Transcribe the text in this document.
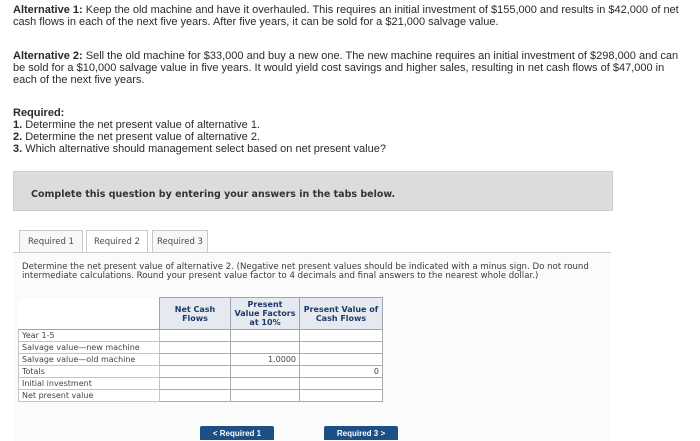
Alternative 1: Keep the old machine and have it overhauled. This requires an initial investment of $155,000 and results in $42,000 of net cash flows in each of the next five years. After five years, it can be sold for a $21,000 salvage value.
Alternative 2: Sell the old machine for $33,000 and buy a new one. The new machine requires an initial investment of $298,000 and can be sold for a $10,000 salvage value in five years. It would yield cost savings and higher sales, resulting in net cash flows of $47,000 in each of the next five years.
Required:
1. Determine the net present value of alternative 1.
2. Determine the net present value of alternative 2.
3. Which alternative should management select based on net present value?
Complete this question by entering your answers in the tabs below.
Required 1	Required 2	Required 3
Determine the net present value of alternative 2. (Negative net present values should be indicated with a minus sign. Do not round intermediate calculations. Round your present value factor to 4 decimals and final answers to the nearest whole dollar.)
	Net Cash Flows	Present Value Factors at 10%	Present Value of Cash Flows
Year 1-5			
Salvage value—new machine			
Salvage value—old machine		1.0000	
Totals			0
Initial investment			
Net present value			
< Required 1	Required 3 >
